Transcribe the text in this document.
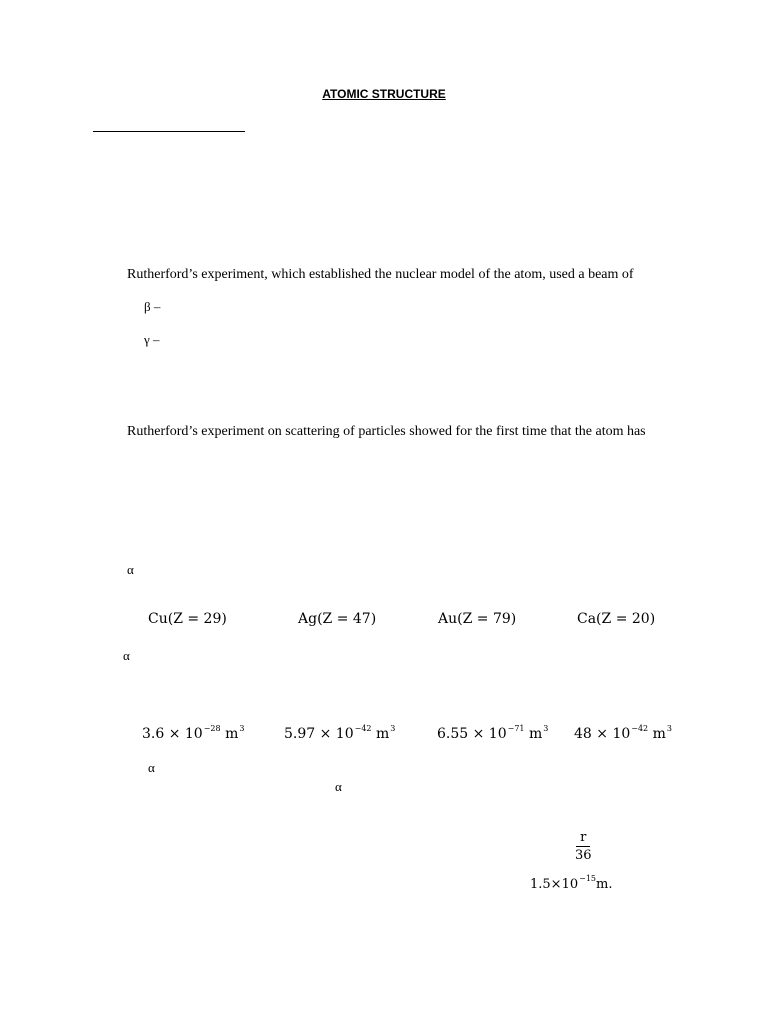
ATOMIC STRUCTURE
Rutherford’s experiment, which established the nuclear model of the atom, used a beam of
β –
γ –
Rutherford’s experiment on scattering of particles showed for the first time that the atom has
α
Cu(Z = 29)	Ag(Z = 47)	Au(Z = 79)	Ca(Z = 20)
α
$3.6 \times 10^{-28}$ $m^3$	$5.97 \times 10^{-42}$ $m^3$	$6.55 \times 10^{-71}$ $m^3$ $48 \times 10^{-42}$ $m^3$
α
α
$\frac{r}{36}$
$1.5\times 10^{-15}m$.
